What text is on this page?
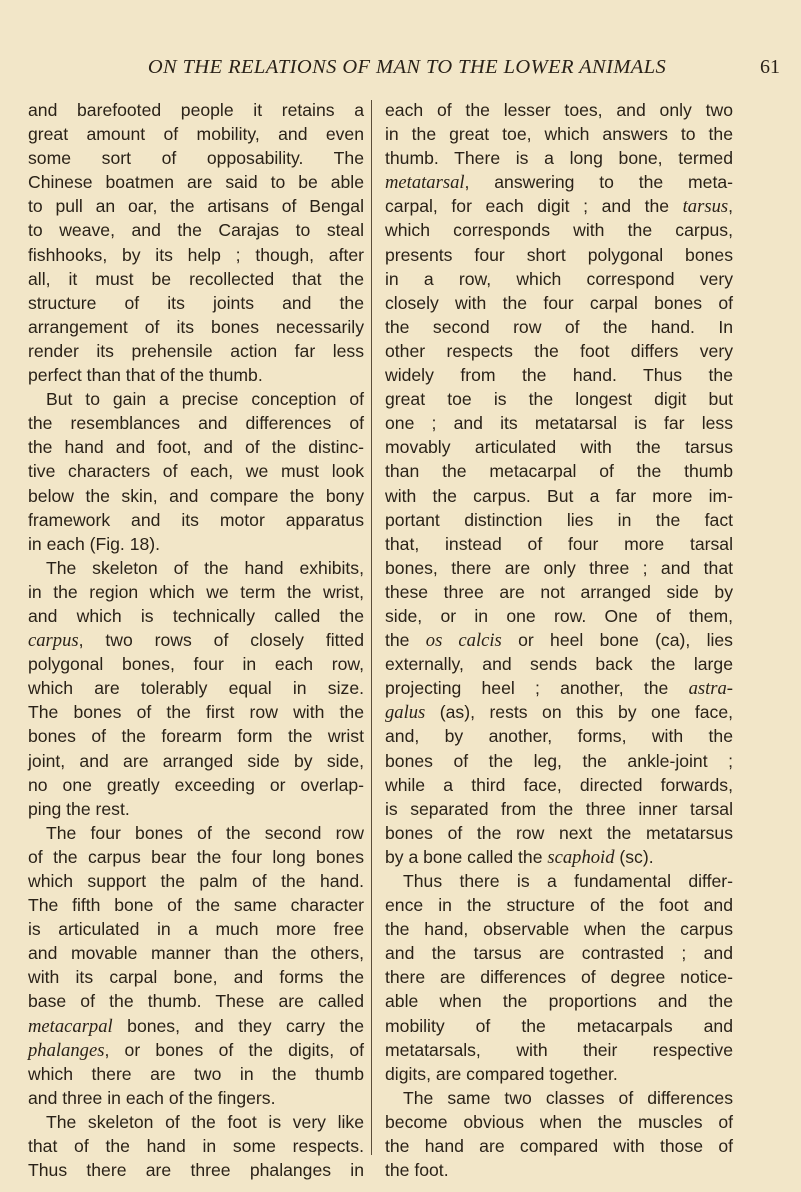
ON THE RELATIONS OF MAN TO THE LOWER ANIMALS	61
and barefooted people it retains a
great amount of mobility, and even
some sort of opposability. The
Chinese boatmen are said to be able
to pull an oar, the artisans of Bengal
to weave, and the Carajas to steal
fishhooks, by its help ; though, after
all, it must be recollected that the
structure of its joints and the
arrangement of its bones necessarily
render its prehensile action far less
perfect than that of the thumb.
But to gain a precise conception of
the resemblances and differences of
the hand and foot, and of the distinc-
tive characters of each, we must look
below the skin, and compare the bony
framework and its motor apparatus
in each (Fig. 18).
The skeleton of the hand exhibits,
in the region which we term the wrist,
and which is technically called the
carpus, two rows of closely fitted
polygonal bones, four in each row,
which are tolerably equal in size.
The bones of the first row with the
bones of the forearm form the wrist
joint, and are arranged side by side,
no one greatly exceeding or overlap-
ping the rest.
The four bones of the second row
of the carpus bear the four long bones
which support the palm of the hand.
The fifth bone of the same character
is articulated in a much more free
and movable manner than the others,
with its carpal bone, and forms the
base of the thumb. These are called
metacarpal bones, and they carry the
phalanges, or bones of the digits, of
which there are two in the thumb
and three in each of the fingers.
The skeleton of the foot is very like
that of the hand in some respects.
Thus there are three phalanges in
each of the lesser toes, and only two
in the great toe, which answers to the
thumb. There is a long bone, termed
metatarsal, answering to the meta-
carpal, for each digit ; and the tarsus,
which corresponds with the carpus,
presents four short polygonal bones
in a row, which correspond very
closely with the four carpal bones of
the second row of the hand. In
other respects the foot differs very
widely from the hand. Thus the
great toe is the longest digit but
one ; and its metatarsal is far less
movably articulated with the tarsus
than the metacarpal of the thumb
with the carpus. But a far more im-
portant distinction lies in the fact
that, instead of four more tarsal
bones, there are only three ; and that
these three are not arranged side by
side, or in one row. One of them,
the os calcis or heel bone (ca), lies
externally, and sends back the large
projecting heel ; another, the astra-
galus (as), rests on this by one face,
and, by another, forms, with the
bones of the leg, the ankle-joint ;
while a third face, directed forwards,
is separated from the three inner tarsal
bones of the row next the metatarsus
by a bone called the scaphoid (sc).
Thus there is a fundamental differ-
ence in the structure of the foot and
the hand, observable when the carpus
and the tarsus are contrasted ; and
there are differences of degree notice-
able when the proportions and the
mobility of the metacarpals and
metatarsals, with their respective
digits, are compared together.
The same two classes of differences
become obvious when the muscles of
the hand are compared with those of
the foot.
